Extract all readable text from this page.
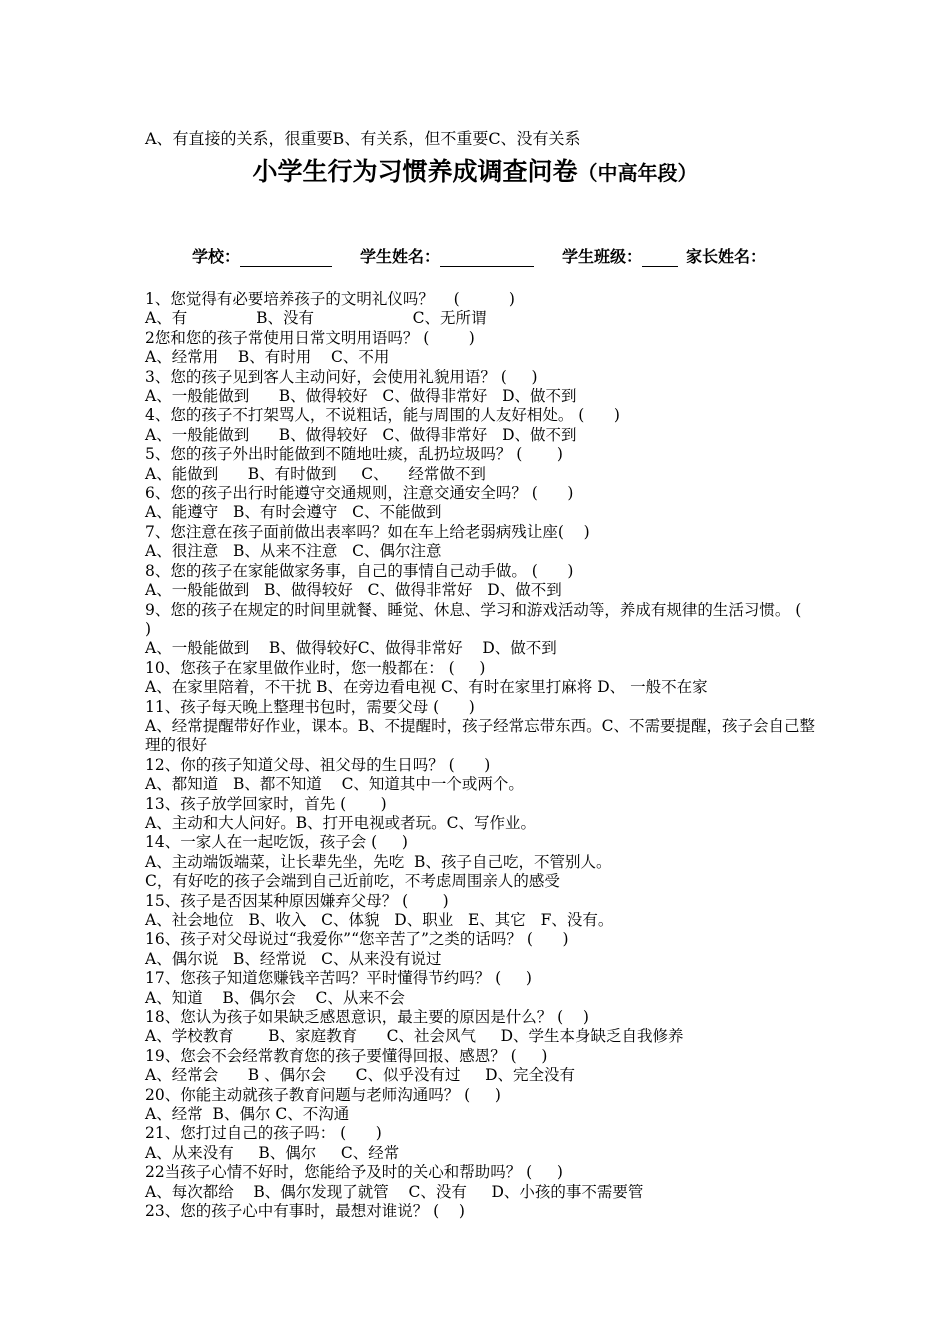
A、有直接的关系，很重要B、有关系，但不重要C、没有关系
小学生行为习惯养成调查问卷（中高年段）
学校：	学生姓名：	学生班级：	家长姓名：
1、您觉得有必要培养孩子的文明礼仪吗？    (          )
A、有              B、没有                    C、无所谓
2您和您的孩子常使用日常文明用语吗？ (        )
A、经常用    B、有时用    C、不用
3、您的孩子见到客人主动问好，会使用礼貌用语？ (     )
A、一般能做到      B、做得较好   C、做得非常好   D、做不到
4、您的孩子不打架骂人，不说粗话，能与周围的人友好相处。 (      )
A、一般能做到      B、做得较好   C、做得非常好   D、做不到
5、您的孩子外出时能做到不随地吐痰，乱扔垃圾吗？ (       )
A、能做到      B、有时做到     C、    经常做不到
6、您的孩子出行时能遵守交通规则，注意交通安全吗？ (      )
A、能遵守   B、有时会遵守   C、不能做到
7、您注意在孩子面前做出表率吗？如在车上给老弱病残让座(    )
A、很注意   B、从来不注意   C、偶尔注意
8、您的孩子在家能做家务事，自己的事情自己动手做。 (      )
A、一般能做到   B、做得较好   C、做得非常好   D、做不到
9、您的孩子在规定的时间里就餐、睡觉、休息、学习和游戏活动等，养成有规律的生活习惯。 (     )
A、一般能做到    B、做得较好C、做得非常好    D、做不到
10、您孩子在家里做作业时，您一般都在： (     )
A、在家里陪着，不干扰 B、在旁边看电视 C、有时在家里打麻将 D、 一般不在家
11、孩子每天晚上整理书包时，需要父母 (      )
A、经常提醒带好作业，课本。B、不提醒时，孩子经常忘带东西。C、不需要提醒，孩子会自己整理的很好
12、你的孩子知道父母、祖父母的生日吗？ (      )
A、都知道   B、都不知道    C、知道其中一个或两个。
13、孩子放学回家时，首先 (       )
A、主动和大人问好。B、打开电视或者玩。C、写作业。
14、一家人在一起吃饭，孩子会 (     )
A、主动端饭端菜，让长辈先坐，先吃  B、孩子自己吃，不管别人。
C，有好吃的孩子会端到自己近前吃，不考虑周围亲人的感受
15、孩子是否因某种原因嫌弃父母？ (       )
A、社会地位   B、收入   C、体貌   D、职业   E、其它   F、没有。
16、孩子对父母说过“我爱你”“您辛苦了”之类的话吗？ (      )
A、偶尔说   B、经常说   C、从来没有说过
17、您孩子知道您赚钱辛苦吗？平时懂得节约吗？ (     )
A、知道    B、偶尔会    C、从来不会
18、您认为孩子如果缺乏感恩意识，最主要的原因是什么？ (    )
A、学校教育       B、家庭教育      C、社会风气     D、学生本身缺乏自我修养
19、您会不会经常教育您的孩子要懂得回报、感恩？ (     )
A、经常会      B 、偶尔会      C、似乎没有过     D、完全没有
20、你能主动就孩子教育问题与老师沟通吗？ (     )
A、经常  B、偶尔 C、不沟通
21、您打过自己的孩子吗： (      )
A、从来没有     B、偶尔     C、经常
22当孩子心情不好时，您能给予及时的关心和帮助吗？ (     )
A、每次都给    B、偶尔发现了就管    C、没有     D、小孩的事不需要管
23、您的孩子心中有事时，最想对谁说？ (    )
